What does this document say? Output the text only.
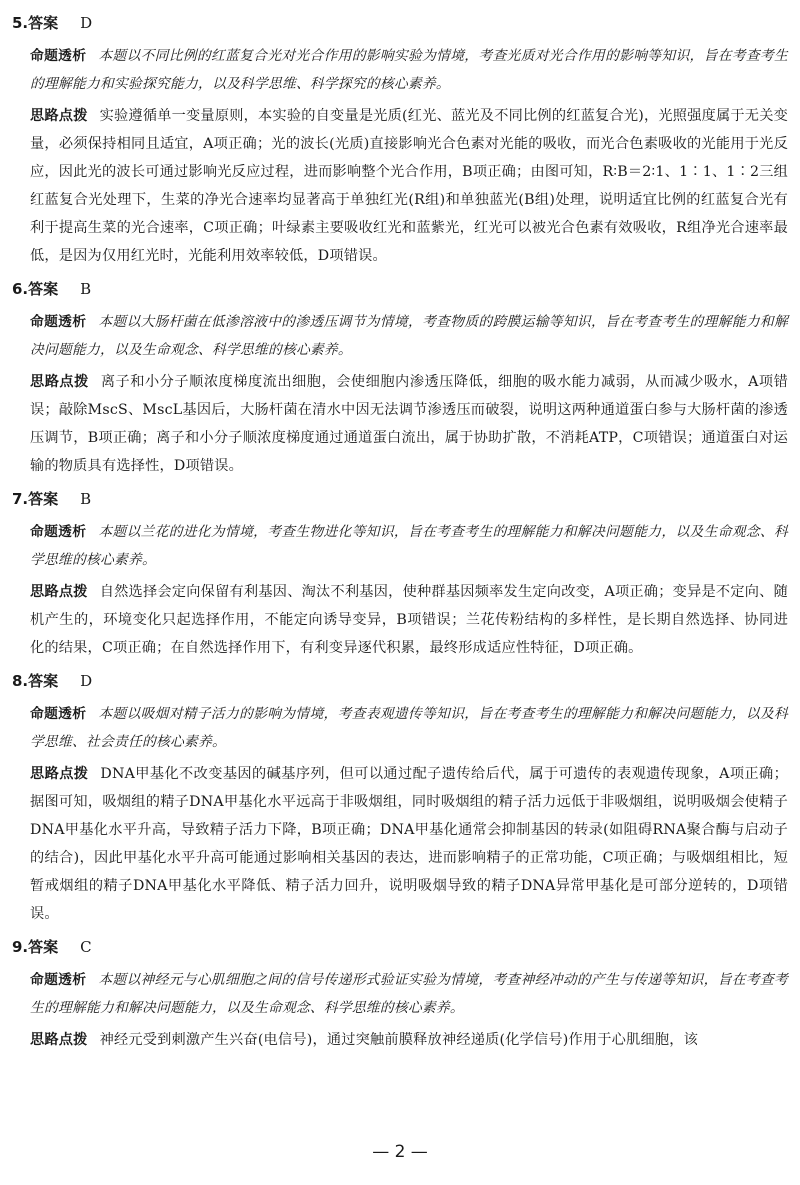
5.答案 D
命题透析 本题以不同比例的红蓝复合光对光合作用的影响实验为情境，考查光质对光合作用的影响等知识，旨在考查考生的理解能力和实验探究能力，以及科学思维、科学探究的核心素养。
思路点拨 实验遵循单一变量原则，本实验的自变量是光质(红光、蓝光及不同比例的红蓝复合光)，光照强度属于无关变量，必须保持相同且适宜，A项正确；光的波长(光质)直接影响光合色素对光能的吸收，而光合色素吸收的光能用于光反应，因此光的波长可通过影响光反应过程，进而影响整个光合作用，B项正确；由图可知，R∶B＝2∶1、1∶1、1∶2三组红蓝复合光处理下，生菜的净光合速率均显著高于单独红光(R组)和单独蓝光(B组)处理，说明适宜比例的红蓝复合光有利于提高生菜的光合速率，C项正确；叶绿素主要吸收红光和蓝紫光，红光可以被光合色素有效吸收，R组净光合速率最低，是因为仅用红光时，光能利用效率较低，D项错误。
6.答案 B
命题透析 本题以大肠杆菌在低渗溶液中的渗透压调节为情境，考查物质的跨膜运输等知识，旨在考查考生的理解能力和解决问题能力，以及生命观念、科学思维的核心素养。
思路点拨 离子和小分子顺浓度梯度流出细胞，会使细胞内渗透压降低，细胞的吸水能力减弱，从而减少吸水，A项错误；敲除MscS、MscL基因后，大肠杆菌在清水中因无法调节渗透压而破裂，说明这两种通道蛋白参与大肠杆菌的渗透压调节，B项正确；离子和小分子顺浓度梯度通过通道蛋白流出，属于协助扩散，不消耗ATP，C项错误；通道蛋白对运输的物质具有选择性，D项错误。
7.答案 B
命题透析 本题以兰花的进化为情境，考查生物进化等知识，旨在考查考生的理解能力和解决问题能力，以及生命观念、科学思维的核心素养。
思路点拨 自然选择会定向保留有利基因、淘汰不利基因，使种群基因频率发生定向改变，A项正确；变异是不定向、随机产生的，环境变化只起选择作用，不能定向诱导变异，B项错误；兰花传粉结构的多样性，是长期自然选择、协同进化的结果，C项正确；在自然选择作用下，有利变异逐代积累，最终形成适应性特征，D项正确。
8.答案 D
命题透析 本题以吸烟对精子活力的影响为情境，考查表观遗传等知识，旨在考查考生的理解能力和解决问题能力，以及科学思维、社会责任的核心素养。
思路点拨 DNA甲基化不改变基因的碱基序列，但可以通过配子遗传给后代，属于可遗传的表观遗传现象，A项正确；据图可知，吸烟组的精子DNA甲基化水平远高于非吸烟组，同时吸烟组的精子活力远低于非吸烟组，说明吸烟会使精子DNA甲基化水平升高，导致精子活力下降，B项正确；DNA甲基化通常会抑制基因的转录(如阻碍RNA聚合酶与启动子的结合)，因此甲基化水平升高可能通过影响相关基因的表达，进而影响精子的正常功能，C项正确；与吸烟组相比，短暂戒烟组的精子DNA甲基化水平降低、精子活力回升，说明吸烟导致的精子DNA异常甲基化是可部分逆转的，D项错误。
9.答案 C
命题透析 本题以神经元与心肌细胞之间的信号传递形式验证实验为情境，考查神经冲动的产生与传递等知识，旨在考查考生的理解能力和解决问题能力，以及生命观念、科学思维的核心素养。
思路点拨 神经元受到刺激产生兴奋(电信号)，通过突触前膜释放神经递质(化学信号)作用于心肌细胞，该
— 2 —
